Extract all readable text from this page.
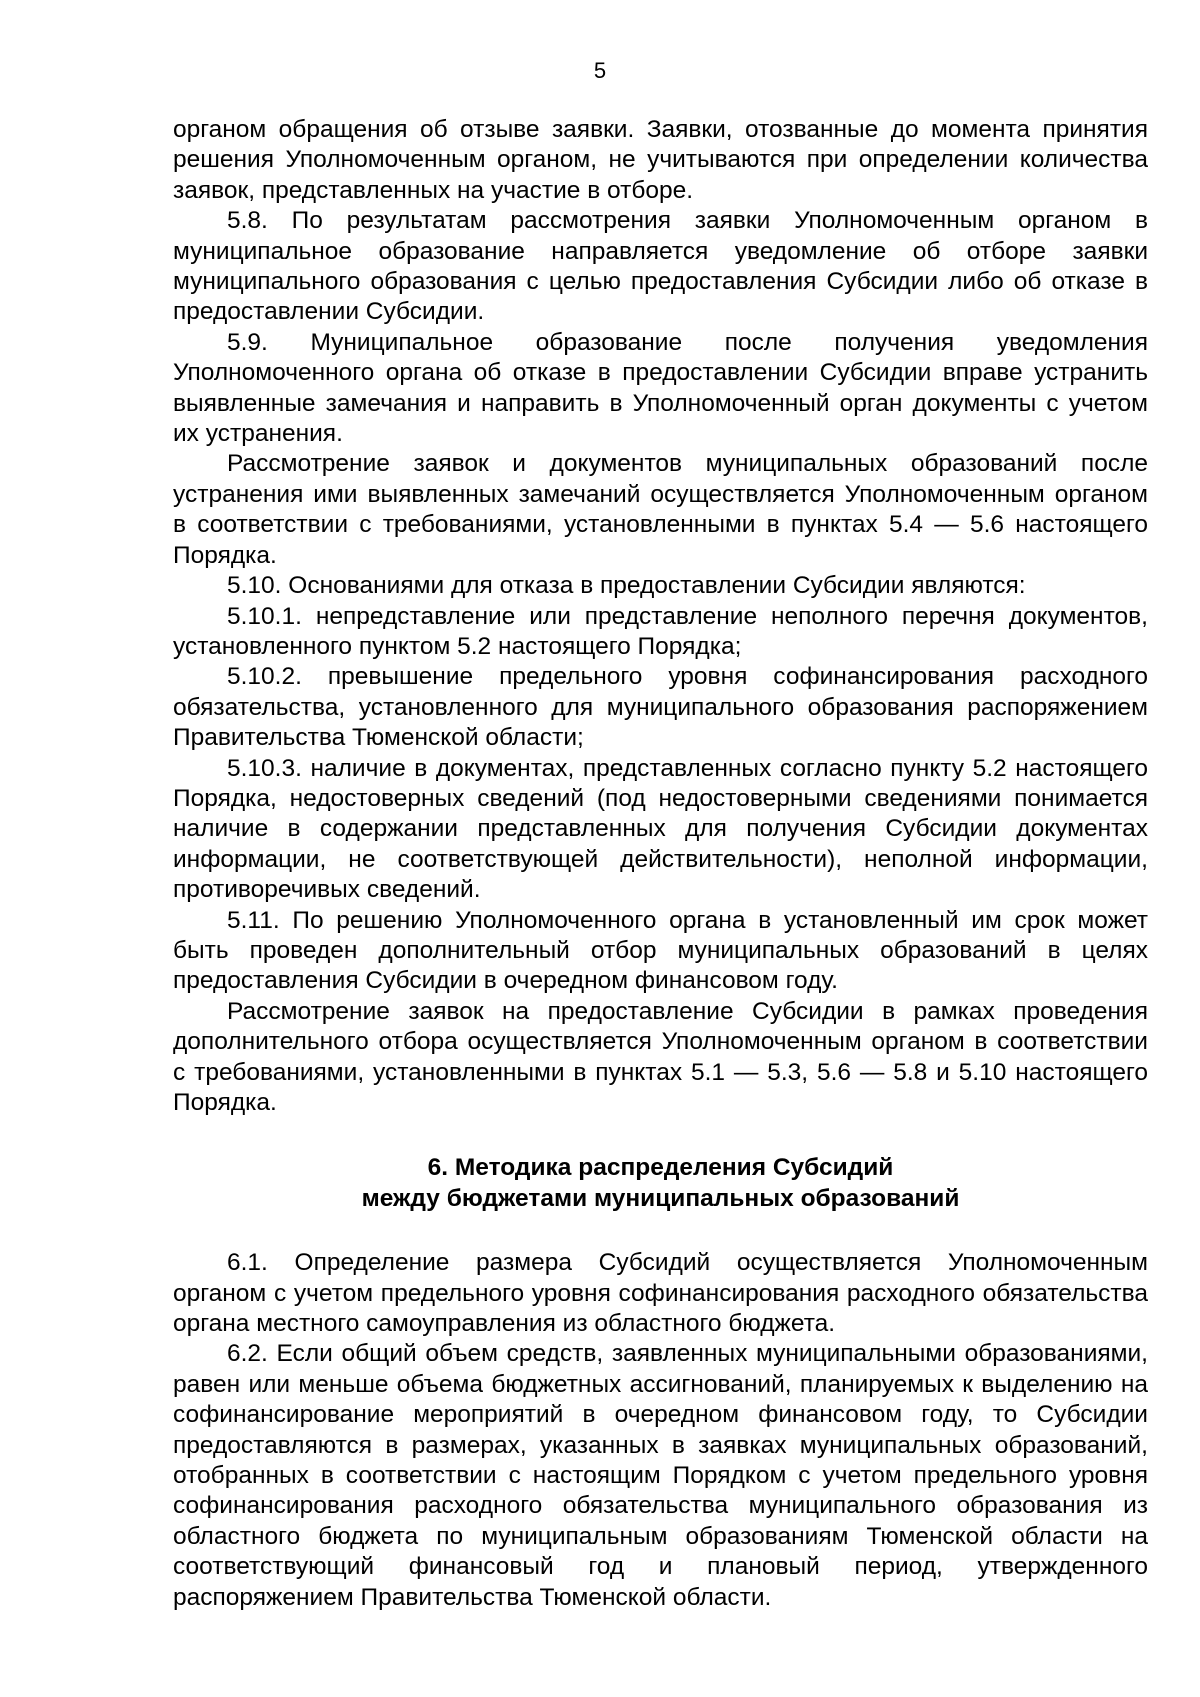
5

органом обращения об отзыве заявки. Заявки, отозванные до момента принятия решения Уполномоченным органом, не учитываются при определении количества заявок, представленных на участие в отборе.

5.8. По результатам рассмотрения заявки Уполномоченным органом в муниципальное образование направляется уведомление об отборе заявки муниципального образования с целью предоставления Субсидии либо об отказе в предоставлении Субсидии.

5.9. Муниципальное образование после получения уведомления Уполномоченного органа об отказе в предоставлении Субсидии вправе устранить выявленные замечания и направить в Уполномоченный орган документы с учетом их устранения.

Рассмотрение заявок и документов муниципальных образований после устранения ими выявленных замечаний осуществляется Уполномоченным органом в соответствии с требованиями, установленными в пунктах 5.4 — 5.6 настоящего Порядка.

5.10. Основаниями для отказа в предоставлении Субсидии являются:

5.10.1. непредставление или представление неполного перечня документов, установленного пунктом 5.2 настоящего Порядка;

5.10.2. превышение предельного уровня софинансирования расходного обязательства, установленного для муниципального образования распоряжением Правительства Тюменской области;

5.10.3. наличие в документах, представленных согласно пункту 5.2 настоящего Порядка, недостоверных сведений (под недостоверными сведениями понимается наличие в содержании представленных для получения Субсидии документах информации, не соответствующей действительности), неполной информации, противоречивых сведений.

5.11. По решению Уполномоченного органа в установленный им срок может быть проведен дополнительный отбор муниципальных образований в целях предоставления Субсидии в очередном финансовом году.

Рассмотрение заявок на предоставление Субсидии в рамках проведения дополнительного отбора осуществляется Уполномоченным органом в соответствии с требованиями, установленными в пунктах 5.1 — 5.3, 5.6 — 5.8 и 5.10 настоящего Порядка.

6. Методика распределения Субсидий

между бюджетами муниципальных образований

6.1. Определение размера Субсидий осуществляется Уполномоченным органом с учетом предельного уровня софинансирования расходного обязательства органа местного самоуправления из областного бюджета.

6.2. Если общий объем средств, заявленных муниципальными образованиями, равен или меньше объема бюджетных ассигнований, планируемых к выделению на софинансирование мероприятий в очередном финансовом году, то Субсидии предоставляются в размерах, указанных в заявках муниципальных образований, отобранных в соответствии с настоящим Порядком с учетом предельного уровня софинансирования расходного обязательства муниципального образования из областного бюджета по муниципальным образованиям Тюменской области на соответствующий финансовый год и плановый период, утвержденного распоряжением Правительства Тюменской области.
